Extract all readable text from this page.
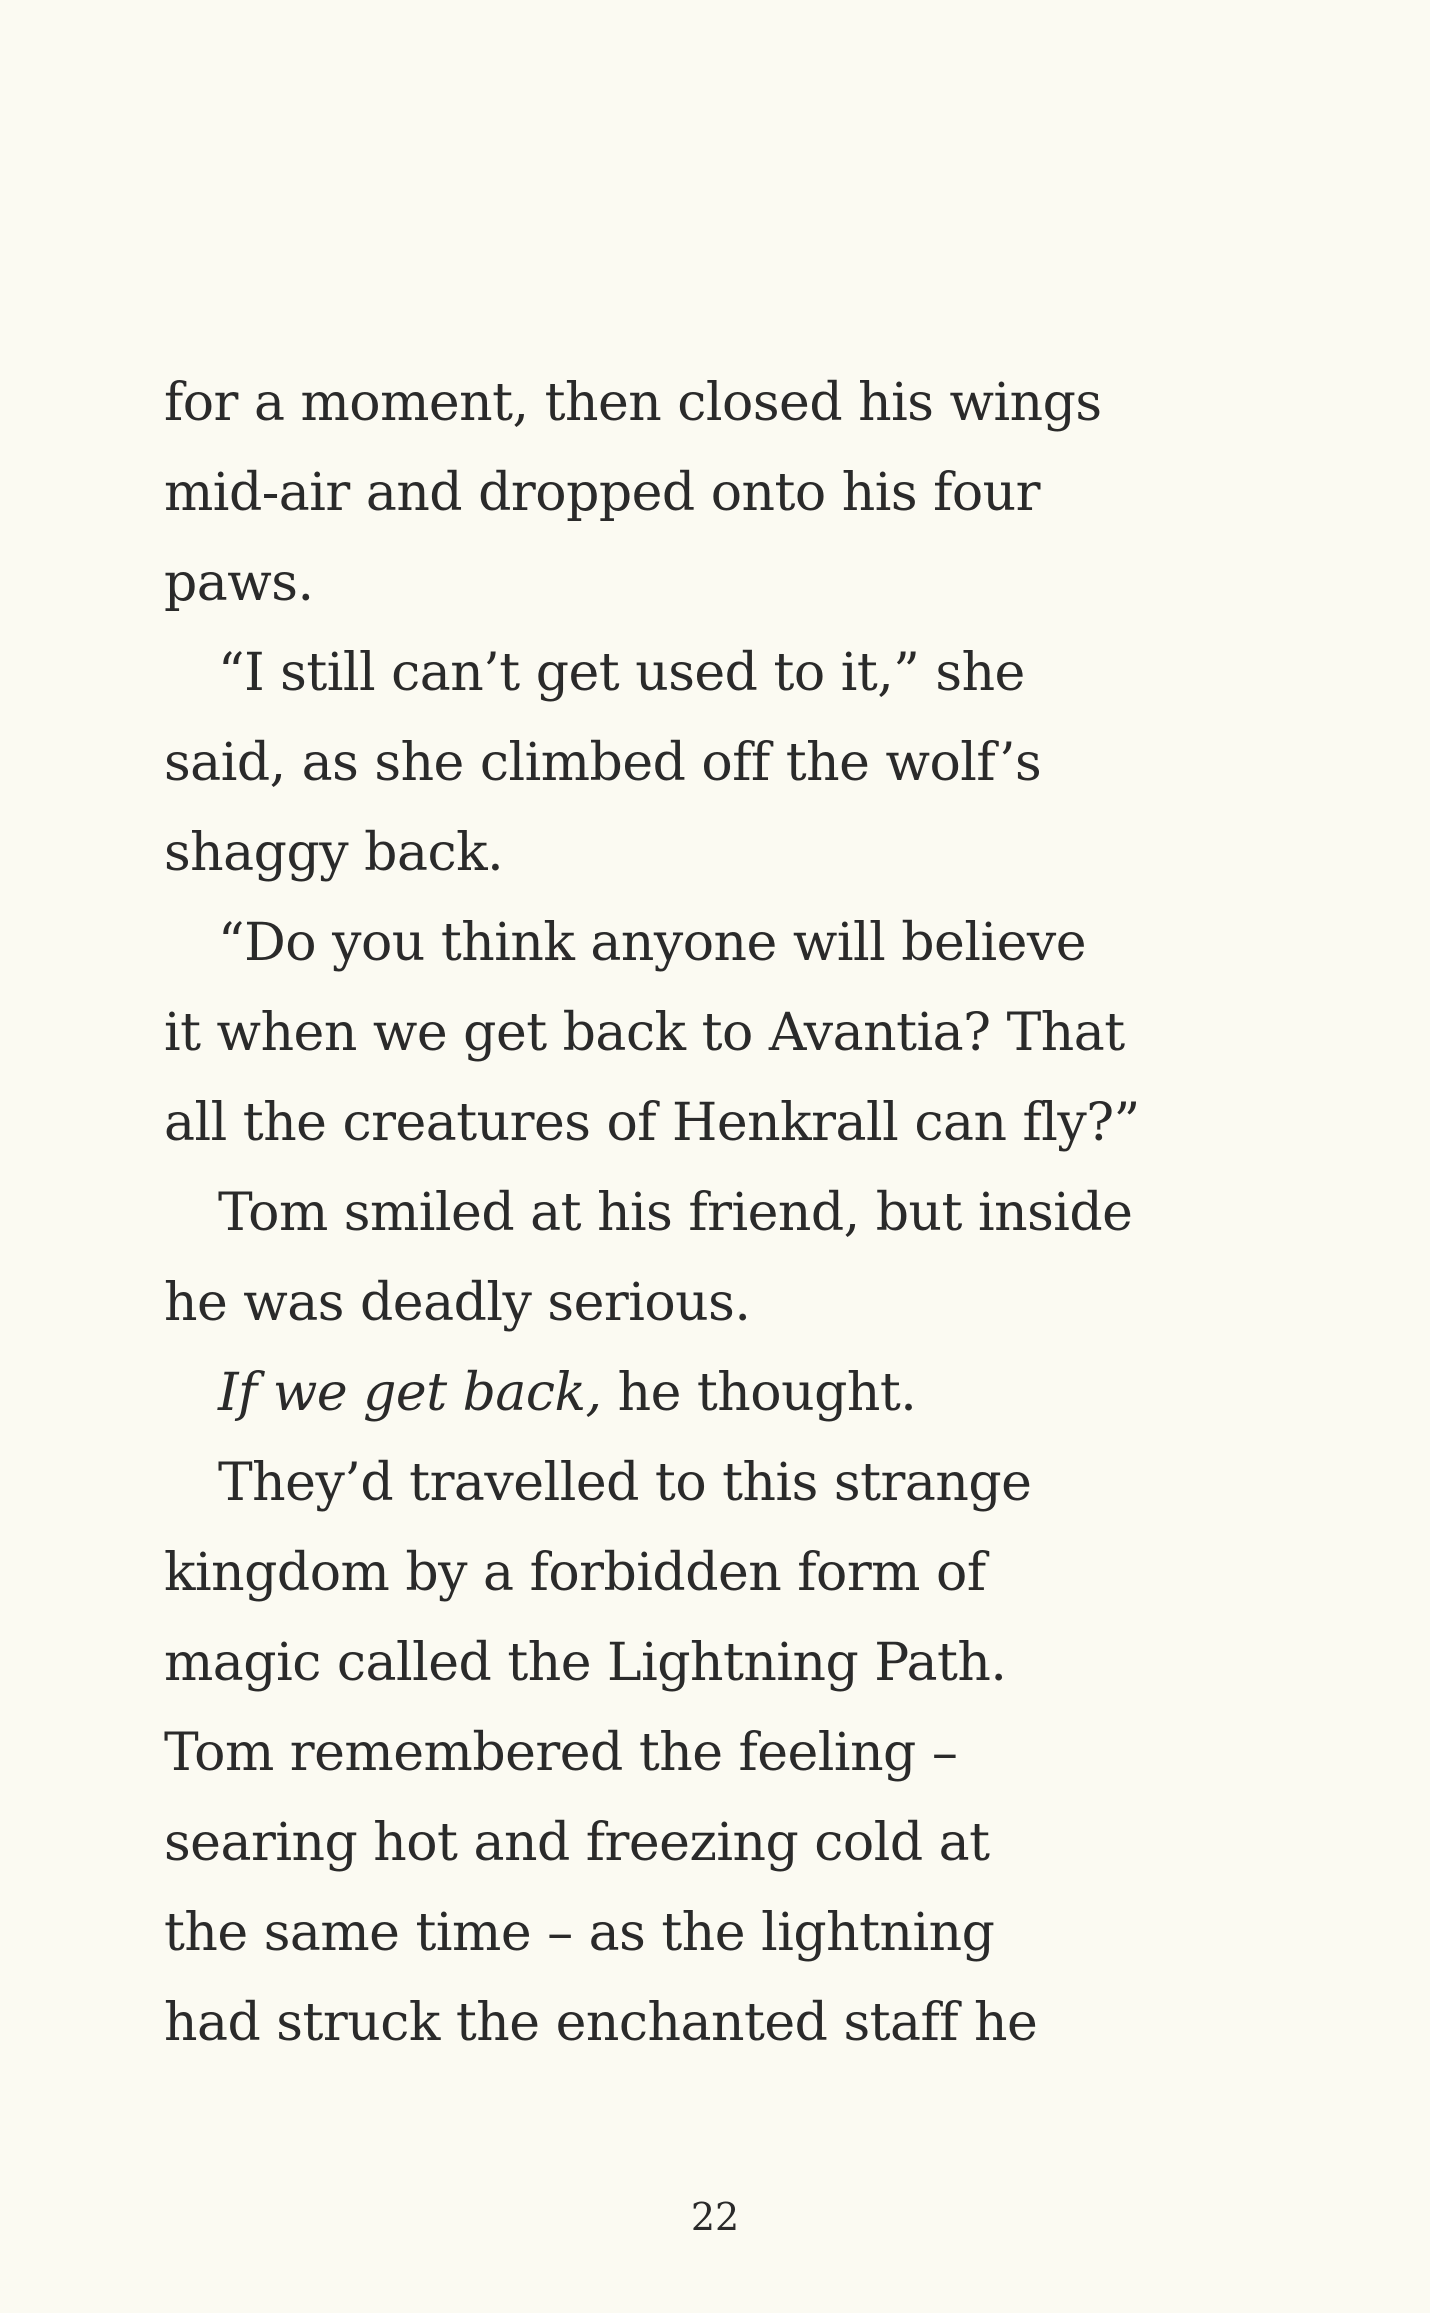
for a moment, then closed his wings
mid-air and dropped onto his four
paws.
“I still can’t get used to it,” she
said, as she climbed off the wolf’s
shaggy back.
“Do you think anyone will believe
it when we get back to Avantia? That
all the creatures of Henkrall can fly?”
Tom smiled at his friend, but inside
he was deadly serious.
If we get back, he thought.
They’d travelled to this strange
kingdom by a forbidden form of
magic called the Lightning Path.
Tom remembered the feeling –
searing hot and freezing cold at
the same time – as the lightning
had struck the enchanted staff he
22
